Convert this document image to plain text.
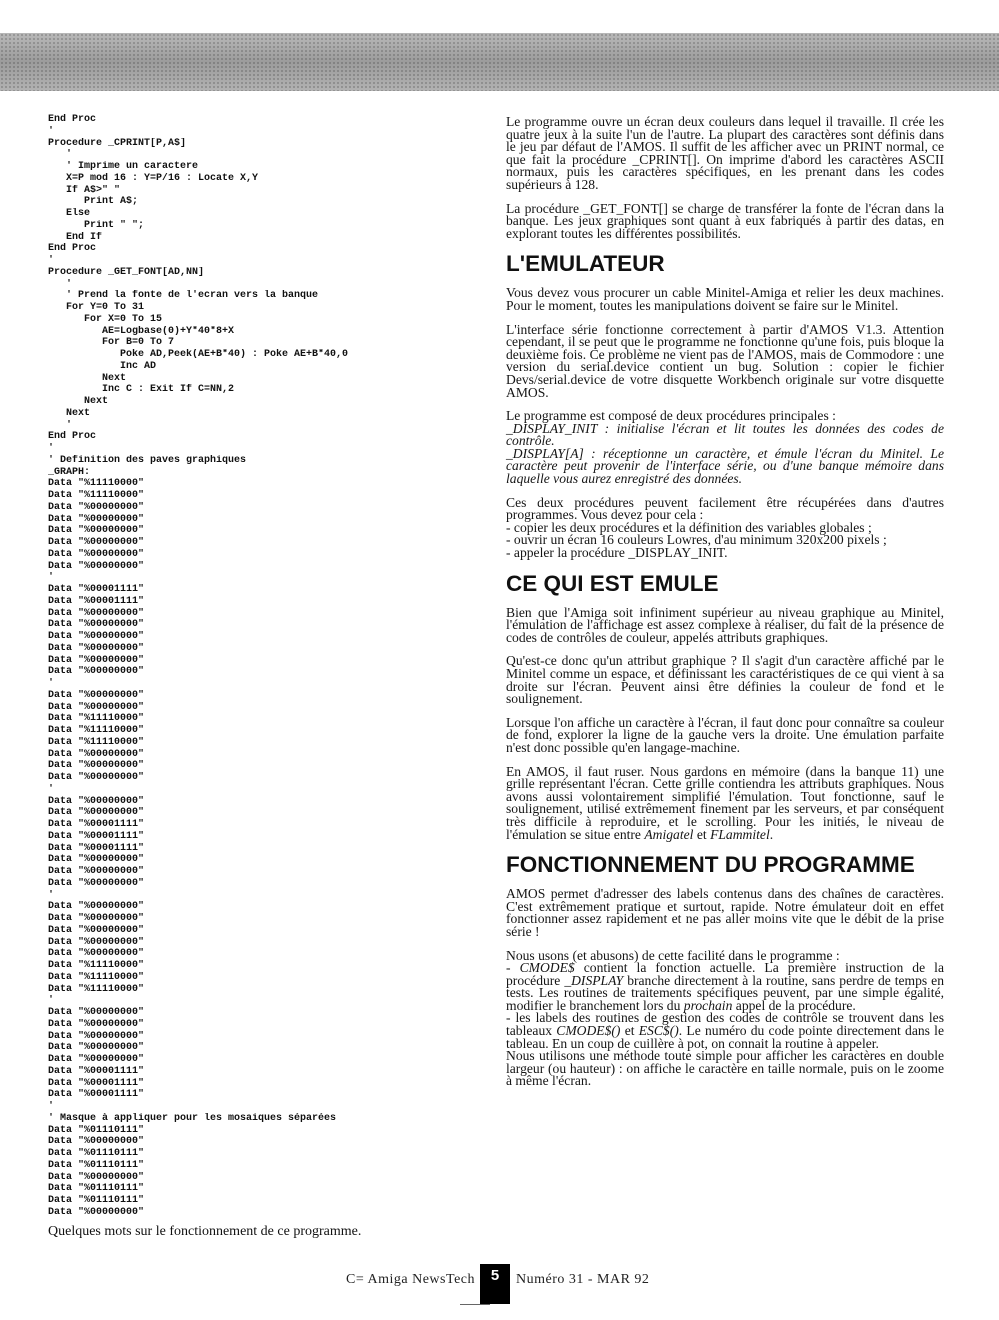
End Proc
'
Procedure _CPRINT[P,A$]
'
' Imprime un caractere
X=P mod 16 : Y=P/16 : Locate X,Y
If A$>" "
Print A$;
Else
Print " ";
End If
End Proc
'
Procedure _GET_FONT[AD,NN]
'
' Prend la fonte de l'ecran vers la banque
For Y=0 To 31
For X=0 To 15
AE=Logbase(0)+Y*40*8+X
For B=0 To 7
Poke AD,Peek(AE+B*40) : Poke AE+B*40,0
Inc AD
Next
Inc C : Exit If C=NN,2
Next
Next
'
End Proc
'
' Definition des paves graphiques
_GRAPH:
Data "%11110000"
Data "%11110000"
Data "%00000000"
Data "%00000000"
Data "%00000000"
Data "%00000000"
Data "%00000000"
Data "%00000000"
'
Data "%00001111"
Data "%00001111"
Data "%00000000"
Data "%00000000"
Data "%00000000"
Data "%00000000"
Data "%00000000"
Data "%00000000"
'
Data "%00000000"
Data "%00000000"
Data "%11110000"
Data "%11110000"
Data "%11110000"
Data "%00000000"
Data "%00000000"
Data "%00000000"
'
Data "%00000000"
Data "%00000000"
Data "%00001111"
Data "%00001111"
Data "%00001111"
Data "%00000000"
Data "%00000000"
Data "%00000000"
'
Data "%00000000"
Data "%00000000"
Data "%00000000"
Data "%00000000"
Data "%00000000"
Data "%11110000"
Data "%11110000"
Data "%11110000"
'
Data "%00000000"
Data "%00000000"
Data "%00000000"
Data "%00000000"
Data "%00000000"
Data "%00001111"
Data "%00001111"
Data "%00001111"
'
' Masque à appliquer pour les mosaiques séparées
Data "%01110111"
Data "%00000000"
Data "%01110111"
Data "%01110111"
Data "%00000000"
Data "%01110111"
Data "%01110111"
Data "%00000000"
Quelques mots sur le fonctionnement de ce programme.

Le programme ouvre un écran deux couleurs dans lequel il travaille. Il crée les quatre jeux à la suite l'un de l'autre. La plupart des caractères sont définis dans le jeu par défaut de l'AMOS. Il suffit de les afficher avec un PRINT normal, ce que fait la procédure _CPRINT[]. On imprime d'abord les caractères ASCII normaux, puis les caractères spécifiques, en les prenant dans les codes supérieurs à 128.

La procédure _GET_FONT[] se charge de transférer la fonte de l'écran dans la banque. Les jeux graphiques sont quant à eux fabriqués à partir des datas, en explorant toutes les différentes possibilités.

L'EMULATEUR

Vous devez vous procurer un cable Minitel-Amiga et relier les deux machines. Pour le moment, toutes les manipulations doivent se faire sur le Minitel.

L'interface série fonctionne correctement à partir d'AMOS V1.3. Attention cependant, il se peut que le programme ne fonctionne qu'une fois, puis bloque la deuxième fois. Ce problème ne vient pas de l'AMOS, mais de Commodore : une version du serial.device contient un bug. Solution : copier le fichier Devs/serial.device de votre disquette Workbench originale sur votre disquette AMOS.

Le programme est composé de deux procédures principales :

_DISPLAY_INIT : initialise l'écran et lit toutes les données des codes de contrôle.

_DISPLAY[A] : réceptionne un caractère, et émule l'écran du Minitel. Le caractère peut provenir de l'interface série, ou d'une banque mémoire dans laquelle vous aurez enregistré des données.

Ces deux procédures peuvent facilement être récupérées dans d'autres programmes. Vous devez pour cela :

- copier les deux procédures et la définition des variables globales ;

- ouvrir un écran 16 couleurs Lowres, d'au minimum 320x200 pixels ;

- appeler la procédure _DISPLAY_INIT.

CE QUI EST EMULE

Bien que l'Amiga soit infiniment supérieur au niveau graphique au Minitel, l'émulation de l'affichage est assez complexe à réaliser, du fait de la présence de codes de contrôles de couleur, appelés attributs graphiques.

Qu'est-ce donc qu'un attribut graphique ? Il s'agit d'un caractère affiché par le Minitel comme un espace, et définissant les caractéristiques de ce qui vient à sa droite sur l'écran. Peuvent ainsi être définies la couleur de fond et le soulignement.

Lorsque l'on affiche un caractère à l'écran, il faut donc pour connaître sa couleur de fond, explorer la ligne de la gauche vers la droite. Une émulation parfaite n'est donc possible qu'en langage-machine.

En AMOS, il faut ruser. Nous gardons en mémoire (dans la banque 11) une grille représentant l'écran. Cette grille contiendra les attributs graphiques. Nous avons aussi volontairement simplifié l'émulation. Tout fonctionne, sauf le soulignement, utilisé extrêmement finement par les serveurs, et par conséquent très difficile à reproduire, et le scrolling. Pour les initiés, le niveau de l'émulation se situe entre Amigatel et FLammitel.

FONCTIONNEMENT DU PROGRAMME

AMOS permet d'adresser des labels contenus dans des chaînes de caractères. C'est extrêmement pratique et surtout, rapide. Notre émulateur doit en effet fonctionner assez rapidement et ne pas aller moins vite que le débit de la prise série !

Nous usons (et abusons) de cette facilité dans le programme :

- CMODE$ contient la fonction actuelle. La première instruction de la procédure _DISPLAY branche directement à la routine, sans perdre de temps en tests. Les routines de traitements spécifiques peuvent, par une simple égalité, modifier le branchement lors du prochain appel de la procédure.

- les labels des routines de gestion des codes de contrôle se trouvent dans les tableaux CMODE$() et ESC$(). Le numéro du code pointe directement dans le tableau. En un coup de cuillère à pot, on connait la routine à appeler.

Nous utilisons une méthode toute simple pour afficher les caractères en double largeur (ou hauteur) : on affiche le caractère en taille normale, puis on le zoome à même l'écran.

C= Amiga NewsTech	5	Numéro 31 - MAR 92
